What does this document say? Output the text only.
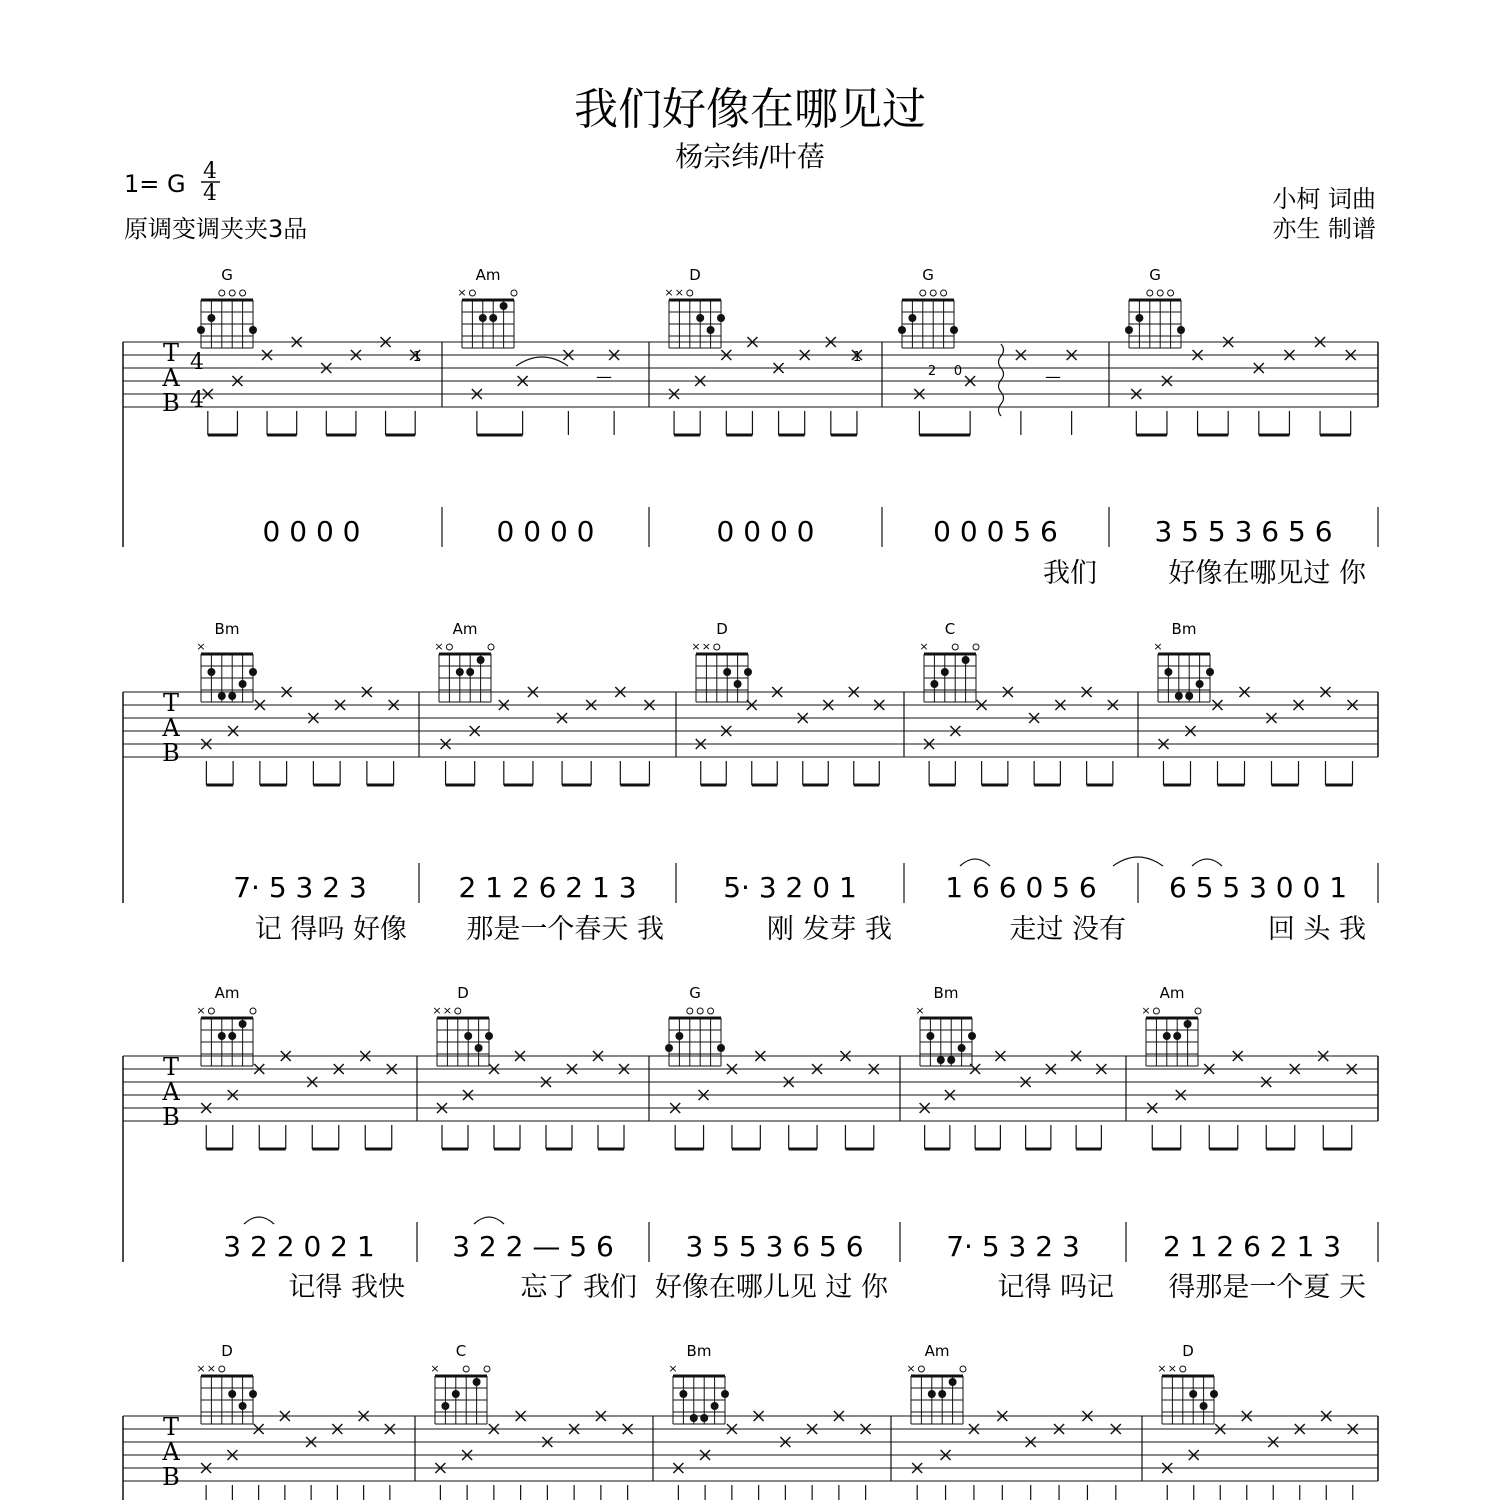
我们好像在哪见过
杨宗纬/叶蓓
1= G 4
4
原调变调夹夹3品
小柯 词曲
亦生 制谱
T
A
B
4
4
G
0 0 0 0
Am
×
0 0 0 0
D
× ×
0 0 0 0
G
0 0 0 5 6
我们
G
3 5 5 3 6 5 6
好像在哪见过 你
T
A
B
Bm
×
7· 5 3 2 3
记 得吗 好像
Am
×
2 1 2 6 2 1 3
那是一个春天 我
D
× ×
5· 3 2 0 1
刚 发芽 我
C
×
1 6 6 0 5 6
走过 没有
Bm
×
6 5 5 3 0 0 1
回 头 我
T
A
B
Am
×
3 2 2 0 2 1
记得 我快
D
× ×
3 2 2 — 5 6
忘了 我们
G
3 5 5 3 6 5 6
好像在哪儿见 过 你
Bm
×
7· 5 3 2 3
记得 吗记
Am
×
2 1 2 6 2 1 3
得那是一个夏 天
T
A
B
D
× ×
C
×
Bm
×
Am
×
D
× ×
1
2 0
1
—	—
